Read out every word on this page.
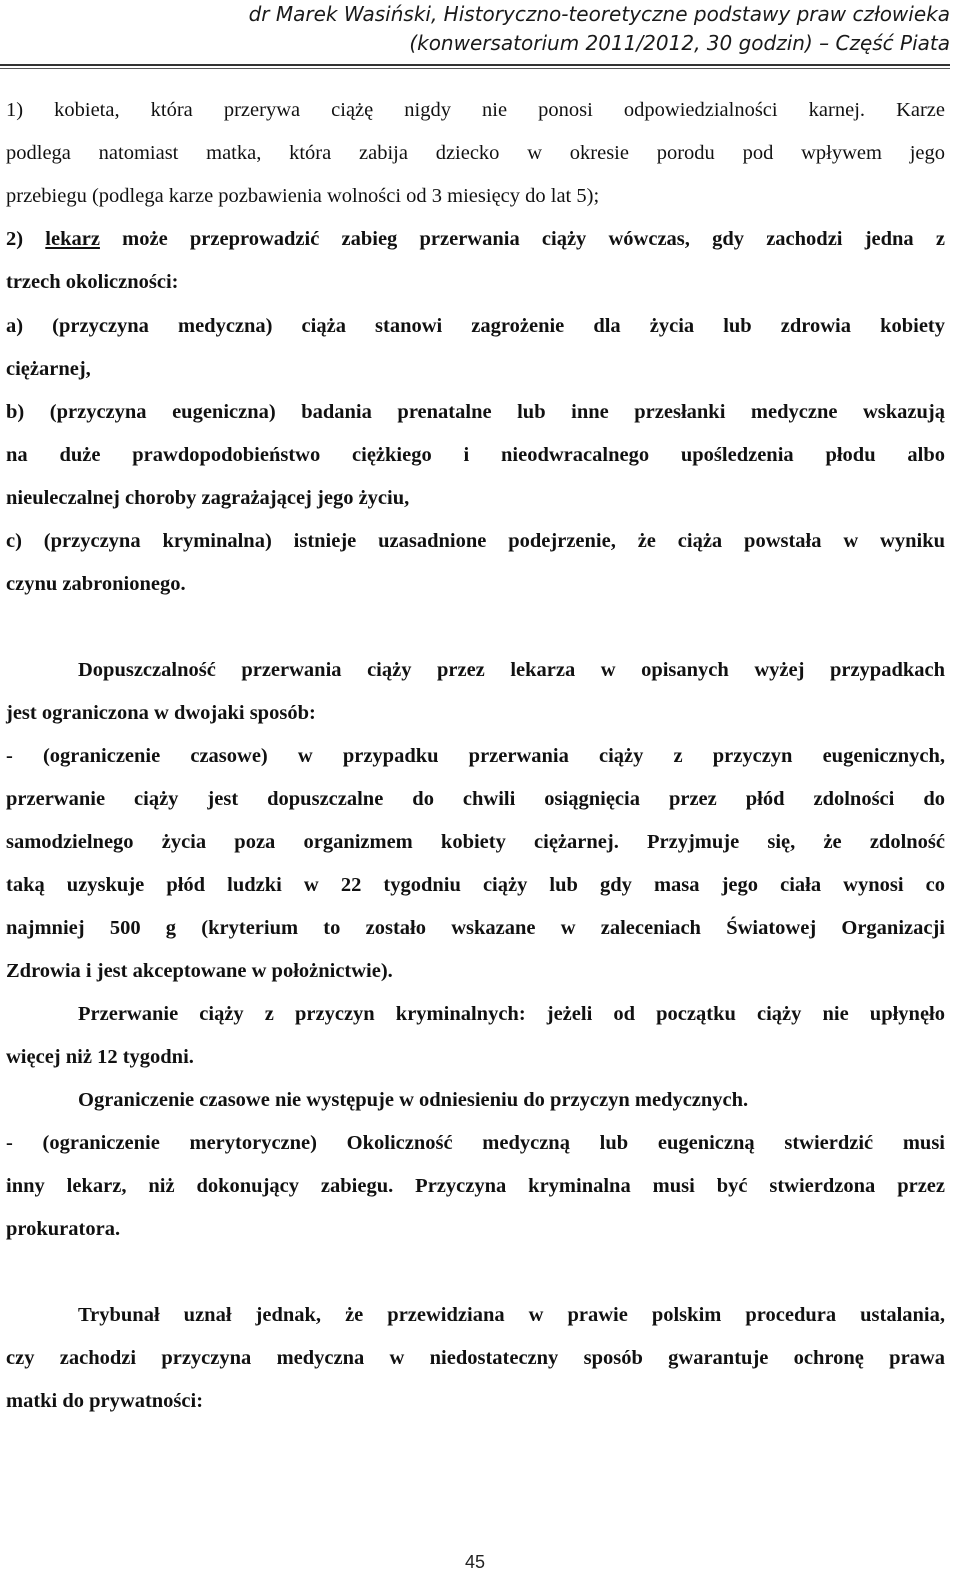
dr Marek Wasiński, Historyczno-teoretyczne podstawy praw człowieka
(konwersatorium 2011/2012, 30 godzin) – Część Piata
1) kobieta, która przerywa ciążę nigdy nie ponosi odpowiedzialności karnej. Karze
podlega natomiast matka, która zabija dziecko w okresie porodu pod wpływem jego
przebiegu (podlega karze pozbawienia wolności od 3 miesięcy do lat 5);
2) lekarz może przeprowadzić zabieg przerwania ciąży wówczas, gdy zachodzi jedna z
trzech okoliczności:
a) (przyczyna medyczna) ciąża stanowi zagrożenie dla życia lub zdrowia kobiety
ciężarnej,
b) (przyczyna eugeniczna) badania prenatalne lub inne przesłanki medyczne wskazują
na duże prawdopodobieństwo ciężkiego i nieodwracalnego upośledzenia płodu albo
nieuleczalnej choroby zagrażającej jego życiu,
c) (przyczyna kryminalna) istnieje uzasadnione podejrzenie, że ciąża powstała w wyniku
czynu zabronionego.
Dopuszczalność przerwania ciąży przez lekarza w opisanych wyżej przypadkach
jest ograniczona w dwojaki sposób:
- (ograniczenie czasowe) w przypadku przerwania ciąży z przyczyn eugenicznych,
przerwanie ciąży jest dopuszczalne do chwili osiągnięcia przez płód zdolności do
samodzielnego życia poza organizmem kobiety ciężarnej. Przyjmuje się, że zdolność
taką uzyskuje płód ludzki w 22 tygodniu ciąży lub gdy masa jego ciała wynosi co
najmniej 500 g (kryterium to zostało wskazane w zaleceniach Światowej Organizacji
Zdrowia i jest akceptowane w położnictwie).
Przerwanie ciąży z przyczyn kryminalnych: jeżeli od początku ciąży nie upłynęło
więcej niż 12 tygodni.
Ograniczenie czasowe nie występuje w odniesieniu do przyczyn medycznych.
- (ograniczenie merytoryczne) Okoliczność medyczną lub eugeniczną stwierdzić musi
inny lekarz, niż dokonujący zabiegu. Przyczyna kryminalna musi być stwierdzona przez
prokuratora.
Trybunał uznał jednak, że przewidziana w prawie polskim procedura ustalania,
czy zachodzi przyczyna medyczna w niedostateczny sposób gwarantuje ochronę prawa
matki do prywatności:
45
